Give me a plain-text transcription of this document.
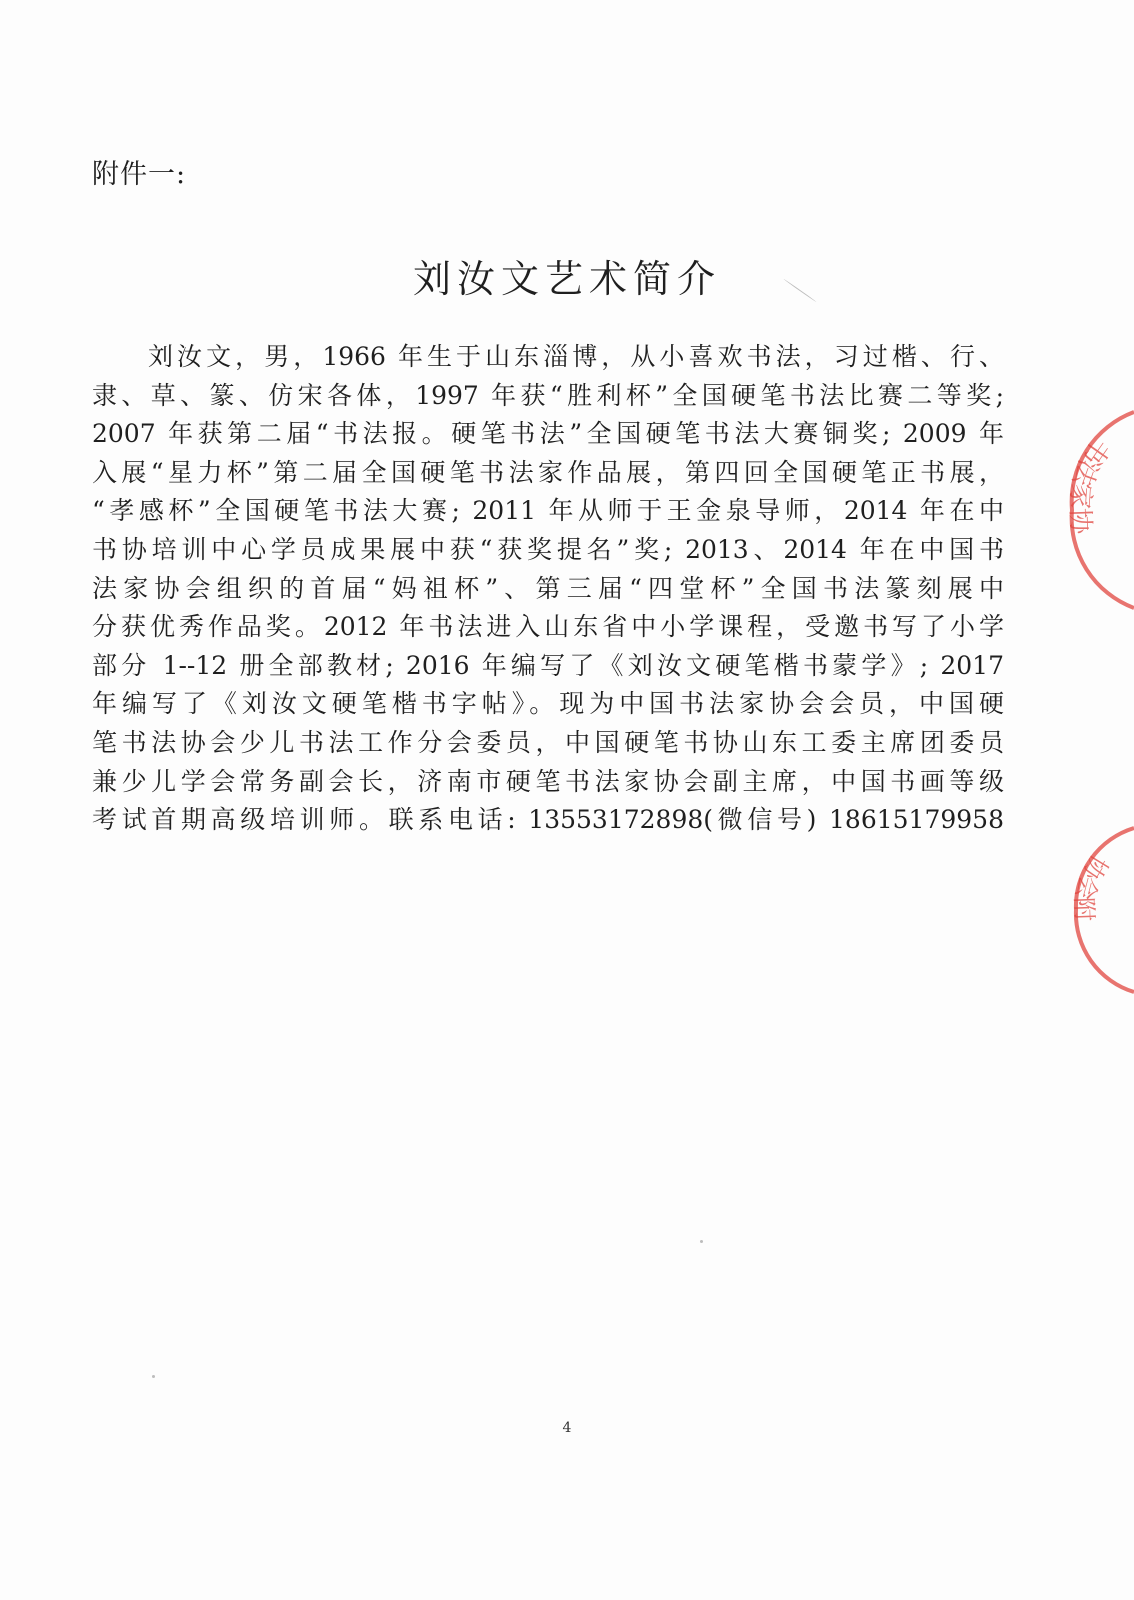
附件一:
刘汝文艺术简介
刘汝文，男，1966 年生于山东淄博，从小喜欢书法，习过楷、行、
隶、草、篆、仿宋各体，1997 年获“胜利杯”全国硬笔书法比赛二等奖;
2007 年获第二届“书法报。硬笔书法”全国硬笔书法大赛铜奖; 2009 年
入展“星力杯”第二届全国硬笔书法家作品展，第四回全国硬笔正书展，
“孝感杯”全国硬笔书法大赛; 2011 年从师于王金泉导师，2014 年在中
书协培训中心学员成果展中获“获奖提名”奖; 2013、2014 年在中国书
法家协会组织的首届“妈祖杯”、第三届“四堂杯”全国书法篆刻展中
分获优秀作品奖。2012 年书法进入山东省中小学课程，受邀书写了小学
部分 1--12 册全部教材; 2016 年编写了《刘汝文硬笔楷书蒙学》; 2017
年编写了《刘汝文硬笔楷书字帖》。现为中国书法家协会会员，中国硬
笔书法协会少儿书法工作分会委员，中国硬笔书协山东工委主席团委员
兼少儿学会常务副会长，济南市硬笔书法家协会副主席，中国书画等级
考试首期高级培训师。联系电话: 13553172898(微信号) 18615179958
4
书法家协
协会附
